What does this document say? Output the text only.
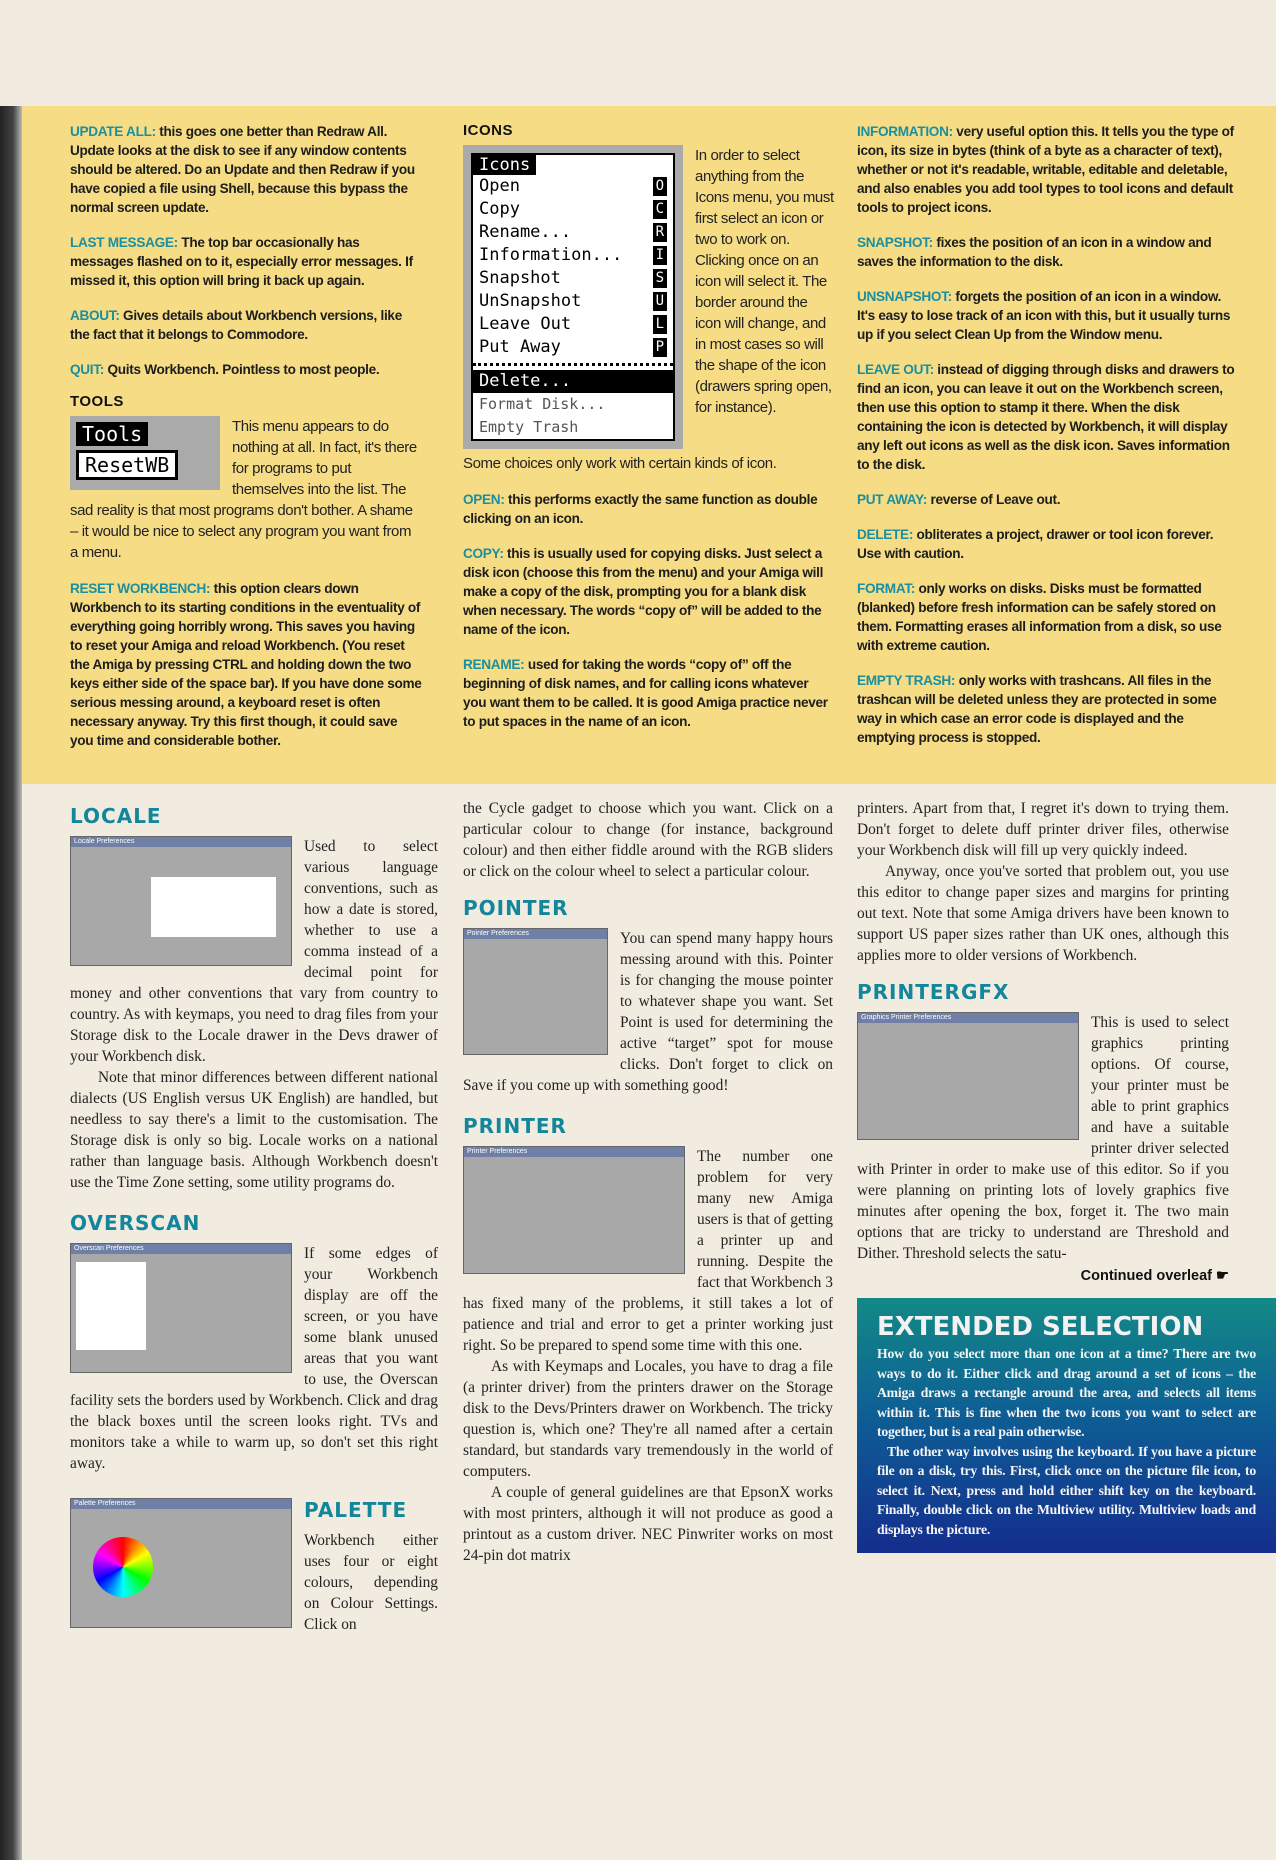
UPDATE ALL: this goes one better than Redraw All. Update looks at the disk to see if any window contents should be altered. Do an Update and then Redraw if you have copied a file using Shell, because this bypass the normal screen update.

LAST MESSAGE: The top bar occasionally has messages flashed on to it, especially error messages. If missed it, this option will bring it back up again.

ABOUT: Gives details about Workbench versions, like the fact that it belongs to Commodore.

QUIT: Quits Workbench. Pointless to most people.

TOOLS
Tools
ResetWB
This menu appears to do nothing at all. In fact, it's there for programs to put themselves into the list. The sad reality is that most programs don't bother. A shame – it would be nice to select any program you want from a menu.

RESET WORKBENCH: this option clears down Workbench to its starting conditions in the eventuality of everything going horribly wrong. This saves you having to reset your Amiga and reload Workbench. (You reset the Amiga by pressing CTRL and holding down the two keys either side of the space bar). If you have done some serious messing around, a keyboard reset is often necessary anyway. Try this first though, it could save you time and considerable bother.

ICONS
Icons
Open	O
Copy	C
Rename...	R
Information... I
Snapshot	S
UnSnapshot	U
Leave Out	L
Put Away	P
Delete...
Format Disk...
Empty Trash
In order to select anything from the Icons menu, you must first select an icon or two to work on. Clicking once on an icon will select it. The border around the icon will change, and in most cases so will the shape of the icon (drawers spring open, for instance).
Some choices only work with certain kinds of icon.

OPEN: this performs exactly the same function as double clicking on an icon.

COPY: this is usually used for copying disks. Just select a disk icon (choose this from the menu) and your Amiga will make a copy of the disk, prompting you for a blank disk when necessary. The words “copy of” will be added to the name of the icon.

RENAME: used for taking the words “copy of” off the beginning of disk names, and for calling icons whatever you want them to be called. It is good Amiga practice never to put spaces in the name of an icon.

INFORMATION: very useful option this. It tells you the type of icon, its size in bytes (think of a byte as a character of text), whether or not it's readable, writable, editable and deletable, and also enables you add tool types to tool icons and default tools to project icons.

SNAPSHOT: fixes the position of an icon in a window and saves the information to the disk.

UNSNAPSHOT: forgets the position of an icon in a window. It's easy to lose track of an icon with this, but it usually turns up if you select Clean Up from the Window menu.

LEAVE OUT: instead of digging through disks and drawers to find an icon, you can leave it out on the Workbench screen, then use this option to stamp it there. When the disk containing the icon is detected by Workbench, it will display any left out icons as well as the disk icon. Saves information to the disk.

PUT AWAY: reverse of Leave out.

DELETE: obliterates a project, drawer or tool icon forever. Use with caution.

FORMAT: only works on disks. Disks must be formatted (blanked) before fresh information can be safely stored on them. Formatting erases all information from a disk, so use with extreme caution.

EMPTY TRASH: only works with trashcans. All files in the trashcan will be deleted unless they are protected in some way in which case an error code is displayed and the emptying process is stopped.

LOCALE
Locale Preferences	Used to select various language conventions, such as how a date is stored, whether to use a comma instead of a decimal point for money and other conventions that vary from country to country. As with keymaps, you need to drag files from your Storage disk to the Locale drawer in the Devs drawer of your Workbench disk.

Note that minor differences between different national dialects (US English versus UK English) are handled, but needless to say there's a limit to the customisation. The Storage disk is only so big. Locale works on a national rather than language basis. Although Workbench doesn't use the Time Zone setting, some utility programs do.

OVERSCAN
Overscan Preferences	If some edges of your Workbench display are off the screen, or you have some blank unused areas that you want to use, the Overscan facility sets the borders used by Workbench. Click and drag the black boxes until the screen looks right. TVs and monitors take a while to warm up, so don't set this right away.

Palette Preferences	PALETTE

Workbench either uses four or eight colours, depending on Colour Settings. Click on

the Cycle gadget to choose which you want. Click on a particular colour to change (for instance, background colour) and then either fiddle around with the RGB sliders or click on the colour wheel to select a particular colour.

POINTER
Pointer Preferences	You can spend many happy hours messing around with this. Pointer is for changing the mouse pointer to whatever shape you want. Set Point is used for determining the active “target” spot for mouse clicks. Don't forget to click on Save if you come up with something good!

PRINTER
Printer Preferences	The number one problem for very many new Amiga users is that of getting a printer up and running. Despite the fact that Workbench 3 has fixed many of the problems, it still takes a lot of patience and trial and error to get a printer working just right. So be prepared to spend some time with this one.

As with Keymaps and Locales, you have to drag a file (a printer driver) from the printers drawer on the Storage disk to the Devs/Printers drawer on Workbench. The tricky question is, which one? They're all named after a certain standard, but standards vary tremendously in the world of computers.

A couple of general guidelines are that EpsonX works with most printers, although it will not produce as good a printout as a custom driver. NEC Pinwriter works on most 24-pin dot matrix

printers. Apart from that, I regret it's down to trying them. Don't forget to delete duff printer driver files, otherwise your Workbench disk will fill up very quickly indeed.

Anyway, once you've sorted that problem out, you use this editor to change paper sizes and margins for printing out text. Note that some Amiga drivers have been known to support US paper sizes rather than UK ones, although this applies more to older versions of Workbench.

PRINTERGFX
Graphics Printer Preferences	This is used to select graphics printing options. Of course, your printer must be able to print graphics and have a suitable printer driver selected with Printer in order to make use of this editor. So if you were planning on printing lots of lovely graphics five minutes after opening the box, forget it. The two main options that are tricky to understand are Threshold and Dither. Threshold selects the satu-

Continued overleaf ☛
EXTENDED SELECTION

How do you select more than one icon at a time? There are two ways to do it. Either click and drag around a set of icons – the Amiga draws a rectangle around the area, and selects all items within it. This is fine when the two icons you want to select are together, but is a real pain otherwise.

The other way involves using the keyboard. If you have a picture file on a disk, try this. First, click once on the picture file icon, to select it. Next, press and hold either shift key on the keyboard. Finally, double click on the Multiview utility. Multiview loads and displays the picture.
